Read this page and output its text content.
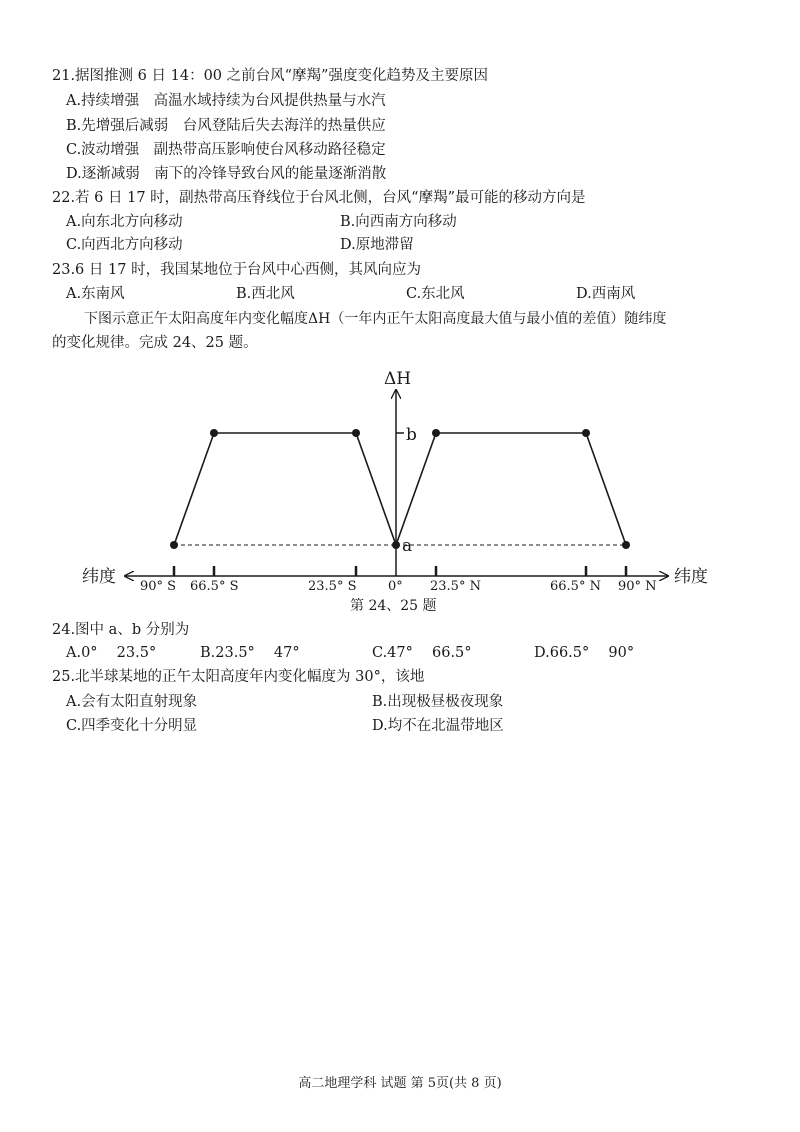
21.据图推测 6 日 14：00 之前台风“摩羯”强度变化趋势及主要原因
A.持续增强　高温水域持续为台风提供热量与水汽
B.先增强后减弱　台风登陆后失去海洋的热量供应
C.波动增强　副热带高压影响使台风移动路径稳定
D.逐渐减弱　南下的冷锋导致台风的能量逐渐消散
22.若 6 日 17 时，副热带高压脊线位于台风北侧，台风“摩羯”最可能的移动方向是
A.向东北方向移动	B.向西南方向移动
C.向西北方向移动	D.原地滞留
23.6 日 17 时，我国某地位于台风中心西侧，其风向应为
A.东南风	B.西北风	C.东北风	D.西南风
下图示意正午太阳高度年内变化幅度ΔH（一年内正午太阳高度最大值与最小值的差值）随纬度
的变化规律。完成 24、25 题。
ΔH
b
a
纬度	纬度
90° S 66.5° S	23.5° S 0° 23.5° N	66.5° N 90° N
第 24、25 题
24.图中 a、b 分别为
A.0°　 23.5°	B.23.5°　 47°	C.47°　 66.5°	D.66.5°　 90°
25.北半球某地的正午太阳高度年内变化幅度为 30°，该地
A.会有太阳直射现象	B.出现极昼极夜现象
C.四季变化十分明显	D.均不在北温带地区
高二地理学科 试题 第 5页(共 8 页)
